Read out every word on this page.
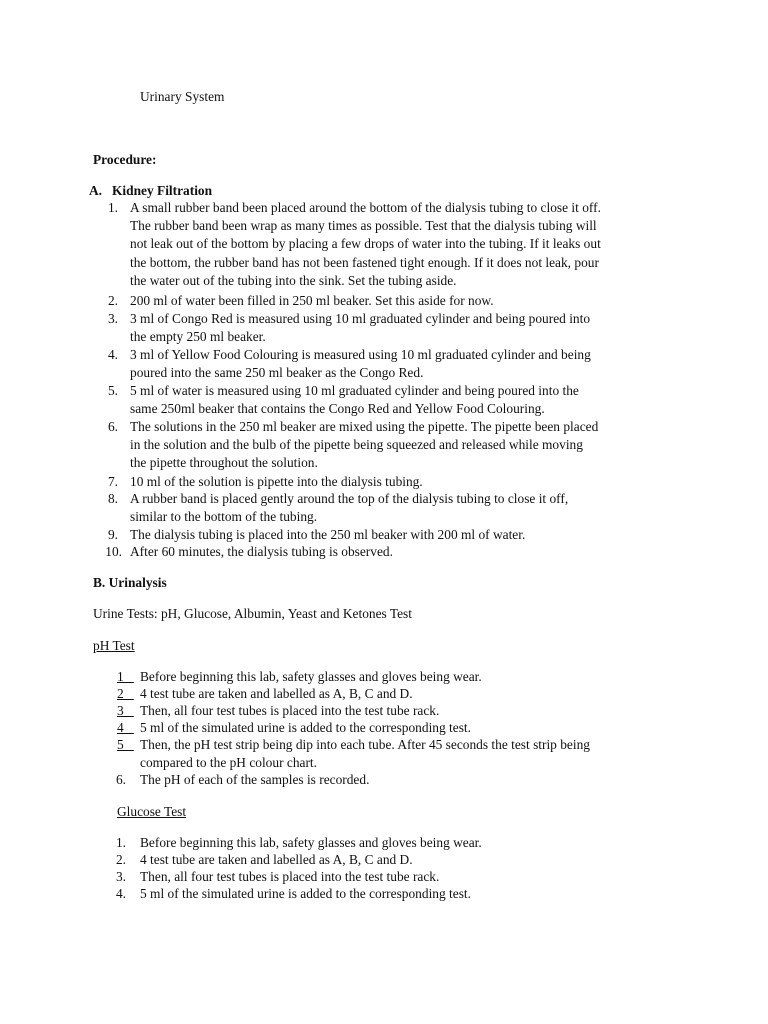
Urinary System
Procedure:
A. Kidney Filtration
1. A small rubber band been placed around the bottom of the dialysis tubing to close it off.
The rubber band been wrap as many times as possible. Test that the dialysis tubing will
not leak out of the bottom by placing a few drops of water into the tubing. If it leaks out
the bottom, the rubber band has not been fastened tight enough. If it does not leak, pour
the water out of the tubing into the sink. Set the tubing aside.
2. 200 ml of water been filled in 250 ml beaker. Set this aside for now.
3. 3 ml of Congo Red is measured using 10 ml graduated cylinder and being poured into
the empty 250 ml beaker.
4. 3 ml of Yellow Food Colouring is measured using 10 ml graduated cylinder and being
poured into the same 250 ml beaker as the Congo Red.
5. 5 ml of water is measured using 10 ml graduated cylinder and being poured into the
same 250ml beaker that contains the Congo Red and Yellow Food Colouring.
6. The solutions in the 250 ml beaker are mixed using the pipette. The pipette been placed
in the solution and the bulb of the pipette being squeezed and released while moving
the pipette throughout the solution.
7. 10 ml of the solution is pipette into the dialysis tubing.
8. A rubber band is placed gently around the top of the dialysis tubing to close it off,
similar to the bottom of the tubing.
9. The dialysis tubing is placed into the 250 ml beaker with 200 ml of water.
10. After 60 minutes, the dialysis tubing is observed.
B. Urinalysis
Urine Tests: pH, Glucose, Albumin, Yeast and Ketones Test
pH Test
1 Before beginning this lab, safety glasses and gloves being wear.
2 4 test tube are taken and labelled as A, B, C and D.
3 Then, all four test tubes is placed into the test tube rack.
4 5 ml of the simulated urine is added to the corresponding test.
5 Then, the pH test strip being dip into each tube. After 45 seconds the test strip being
compared to the pH colour chart.
6. The pH of each of the samples is recorded.
Glucose Test
1. Before beginning this lab, safety glasses and gloves being wear.
2. 4 test tube are taken and labelled as A, B, C and D.
3. Then, all four test tubes is placed into the test tube rack.
4. 5 ml of the simulated urine is added to the corresponding test.
